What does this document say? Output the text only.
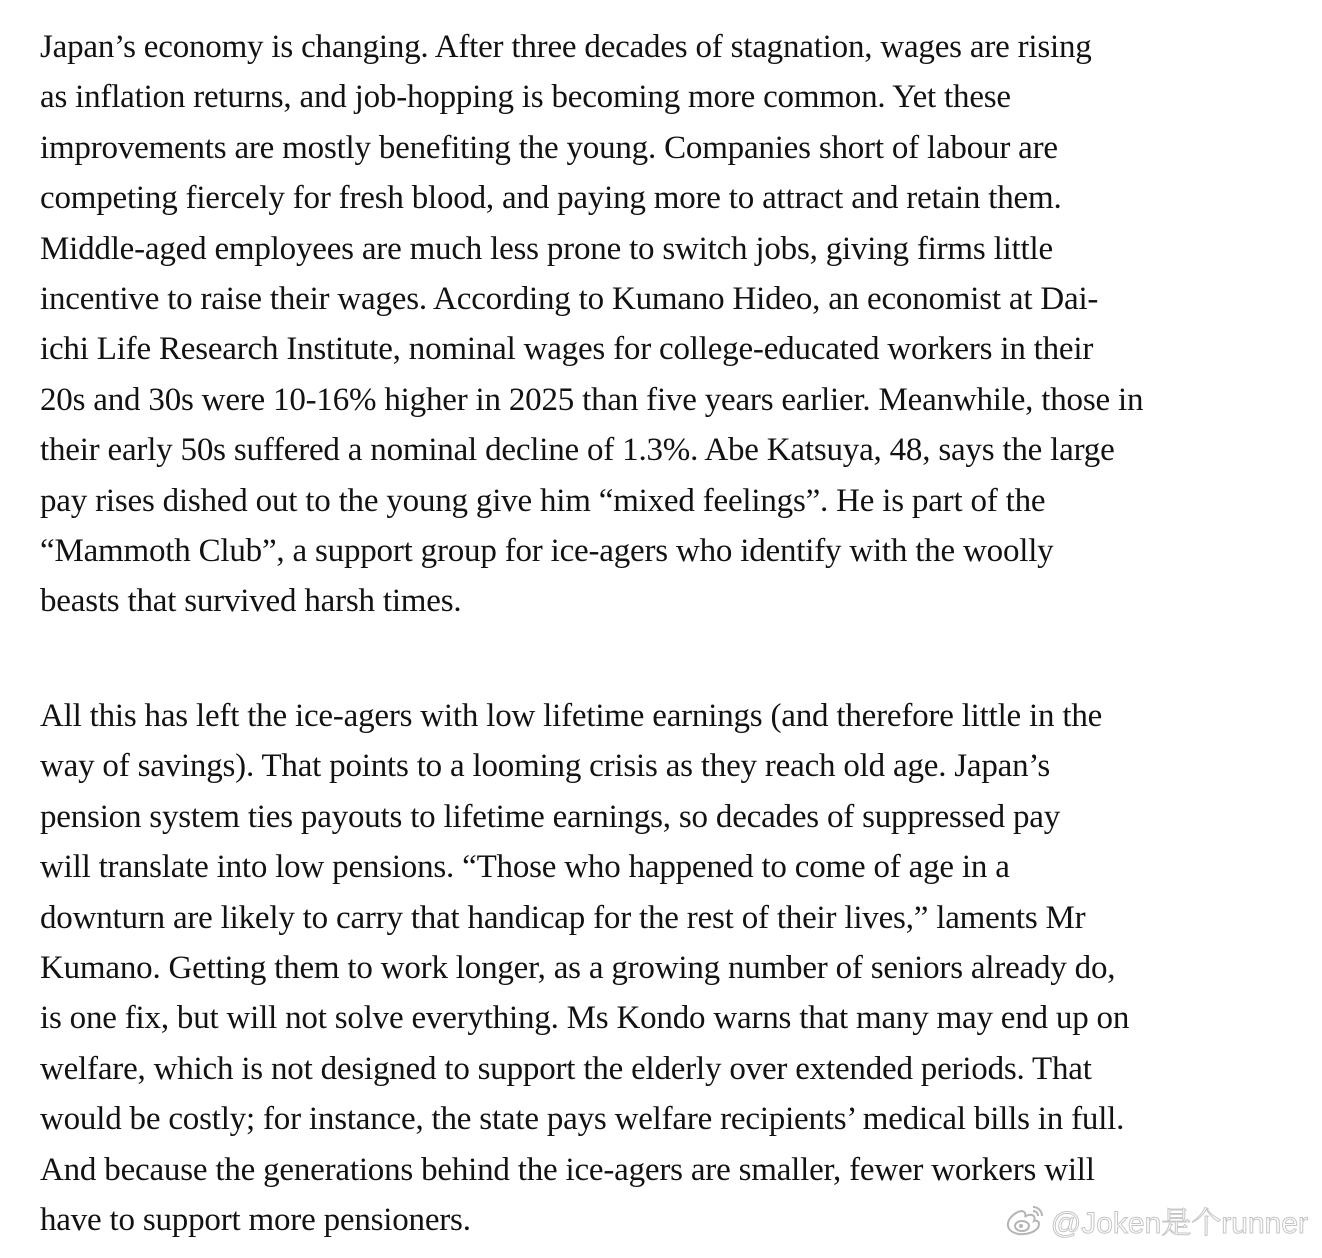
Japan’s economy is changing. After three decades of stagnation, wages are rising
as inflation returns, and job-hopping is becoming more common. Yet these
improvements are mostly benefiting the young. Companies short of labour are
competing fiercely for fresh blood, and paying more to attract and retain them.
Middle-aged employees are much less prone to switch jobs, giving firms little
incentive to raise their wages. According to Kumano Hideo, an economist at Dai-
ichi Life Research Institute, nominal wages for college-educated workers in their
20s and 30s were 10-16% higher in 2025 than five years earlier. Meanwhile, those in
their early 50s suffered a nominal decline of 1.3%. Abe Katsuya, 48, says the large
pay rises dished out to the young give him “mixed feelings”. He is part of the
“Mammoth Club”, a support group for ice-agers who identify with the woolly
beasts that survived harsh times.

All this has left the ice-agers with low lifetime earnings (and therefore little in the
way of savings). That points to a looming crisis as they reach old age. Japan’s
pension system ties payouts to lifetime earnings, so decades of suppressed pay
will translate into low pensions. “Those who happened to come of age in a
downturn are likely to carry that handicap for the rest of their lives,” laments Mr
Kumano. Getting them to work longer, as a growing number of seniors already do,
is one fix, but will not solve everything. Ms Kondo warns that many may end up on
welfare, which is not designed to support the elderly over extended periods. That
would be costly; for instance, the state pays welfare recipients’ medical bills in full.
And because the generations behind the ice-agers are smaller, fewer workers will
have to support more pensioners.	@Joken是个runner
